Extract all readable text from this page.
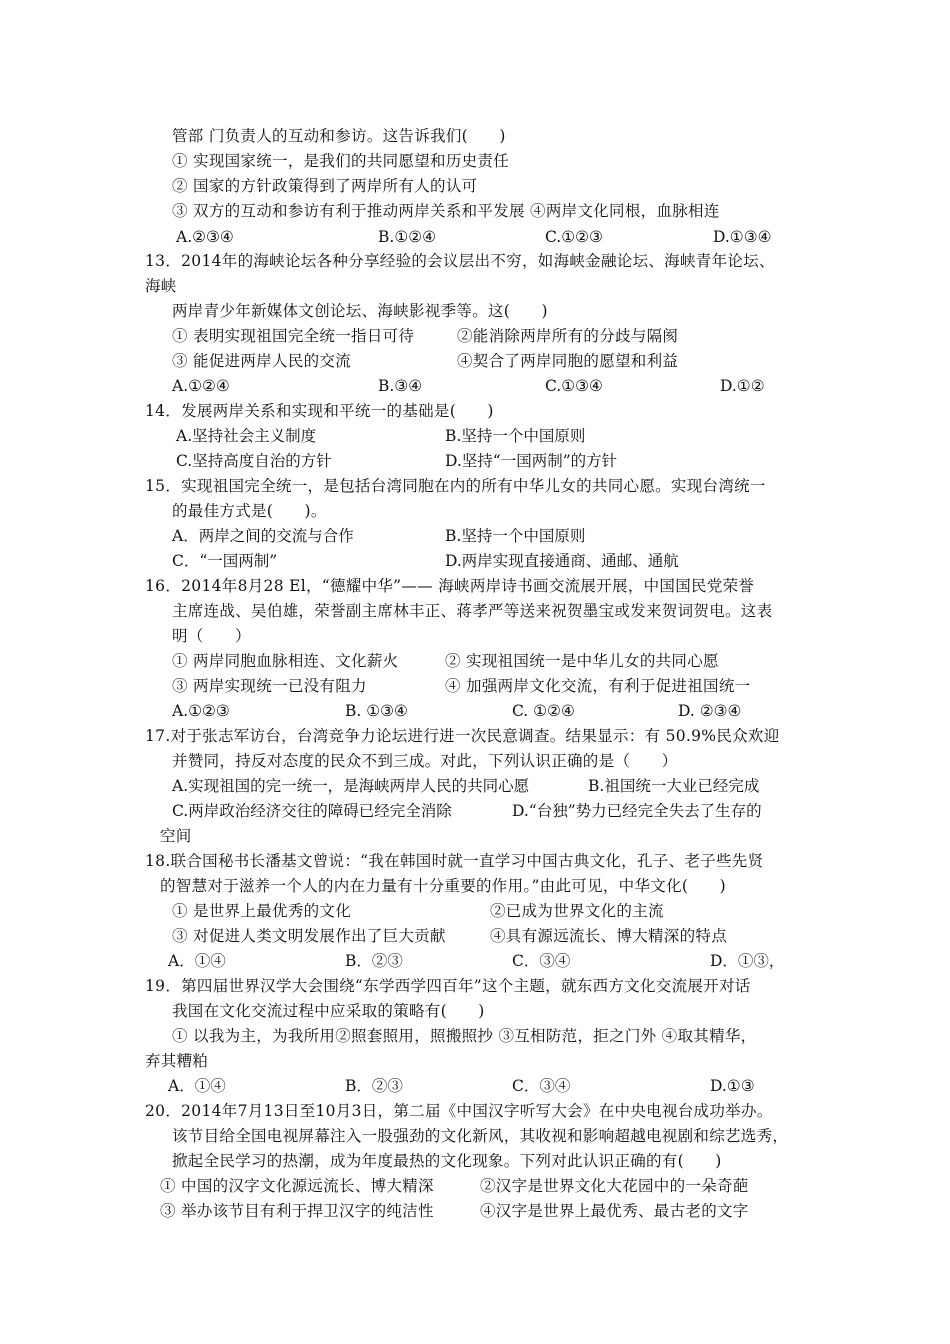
管部 门负责人的互动和参访。这告诉我们(      )
① 实现国家统一，是我们的共同愿望和历史责任
② 国家的方针政策得到了两岸所有人的认可
③ 双方的互动和参访有利于推动两岸关系和平发展 ④两岸文化同根，血脉相连
A.②③④	B.①②④	C.①②③	D.①③④
13．2014年的海峡论坛各种分享经验的会议层出不穷，如海峡金融论坛、海峡青年论坛、
海峡
两岸青少年新媒体文创论坛、海峡影视季等。这(      )
① 表明实现祖国完全统一指日可待	②能消除两岸所有的分歧与隔阂
③ 能促进两岸人民的交流	④契合了两岸同胞的愿望和利益
A.①②④	B.③④	C.①③④	D.①②
14．发展两岸关系和实现和平统一的基础是(      )
A.坚持社会主义制度	B.坚持一个中国原则
C.坚持高度自治的方针	D.坚持“一国两制”的方针
15．实现祖国完全统一，是包括台湾同胞在内的所有中华儿女的共同心愿。实现台湾统一
的最佳方式是(      )。
A．两岸之间的交流与合作	B.坚持一个中国原则
C．“一国两制”	D.两岸实现直接通商、通邮、通航
16．2014年8月28 El，“德耀中华”—— 海峡两岸诗书画交流展开展，中国国民党荣誉
主席连战、吴伯雄，荣誉副主席林丰正、蒋孝严等送来祝贺墨宝或发来贺词贺电。这表
明（      ）
① 两岸同胞血脉相连、文化薪火	② 实现祖国统一是中华儿女的共同心愿
③ 两岸实现统一已没有阻力	④ 加强两岸文化交流，有利于促进祖国统一
A.①②③	B. ①③④	C. ①②④	D. ②③④
17.对于张志军访台，台湾竞争力论坛进行进一次民意调查。结果显示：有 50.9%民众欢迎
并赞同，持反对态度的民众不到三成。对此，下列认识正确的是（      ）
A.实现祖国的完一统一，是海峡两岸人民的共同心愿	B.祖国统一大业已经完成
C.两岸政治经济交往的障碍已经完全消除	D.“台独”势力已经完全失去了生存的
空间
18.联合国秘书长潘基文曾说：“我在韩国时就一直学习中国古典文化，孔子、老子些先贤
的智慧对于滋养一个人的内在力量有十分重要的作用。”由此可见，中华文化(      )
① 是世界上最优秀的文化	②已成为世界文化的主流
③ 对促进人类文明发展作出了巨大贡献	④具有源远流长、博大精深的特点
A．①④	B．②③	C．③④	D．①③，
19．第四届世界汉学大会围绕“东学西学四百年”这个主题，就东西方文化交流展开对话
我国在文化交流过程中应采取的策略有(      )
① 以我为主，为我所用②照套照用，照搬照抄 ③互相防范，拒之门外 ④取其精华，
弃其糟粕
A．①④	B．②③	C．③④	D.①③
20．2014年7月13日至10月3日，第二届《中国汉字听写大会》在中央电视台成功举办。
该节目给全国电视屏幕注入一股强劲的文化新风，其收视和影响超越电视剧和综艺选秀，
掀起全民学习的热潮，成为年度最热的文化现象。下列对此认识正确的有(      )
① 中国的汉字文化源远流长、博大精深	②汉字是世界文化大花园中的一朵奇葩
③ 举办该节目有利于捍卫汉字的纯洁性	④汉字是世界上最优秀、最古老的文字
